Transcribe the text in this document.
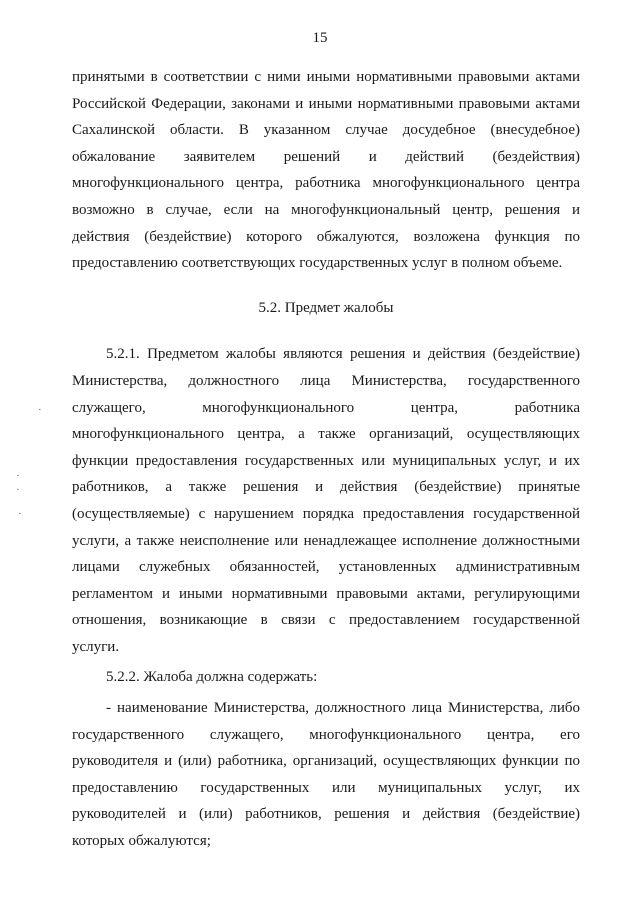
15

принятыми в соответствии с ними иными нормативными правовыми актами
Российской Федерации, законами и иными нормативными правовыми актами
Сахалинской области. В указанном случае досудебное (внесудебное)
обжалование заявителем решений и действий (бездействия)
многофункционального центра, работника многофункционального центра
возможно в случае, если на многофункциональный центр, решения и
действия (бездействие) которого обжалуются, возложена функция по
предоставлению соответствующих государственных услуг в полном объеме.

5.2. Предмет жалобы

5.2.1. Предметом жалобы являются решения и действия (бездействие)
Министерства, должностного лица Министерства, государственного
служащего, многофункционального центра, работника
многофункционального центра, а также организаций, осуществляющих
функции предоставления государственных или муниципальных услуг, и их
работников, а также решения и действия (бездействие) принятые
(осуществляемые) с нарушением порядка предоставления государственной
услуги, а также неисполнение или ненадлежащее исполнение должностными
лицами служебных обязанностей, установленных административным
регламентом и иными нормативными правовыми актами, регулирующими
отношения, возникающие в связи с предоставлением государственной
услуги.

5.2.2. Жалоба должна содержать:

- наименование Министерства, должностного лица Министерства, либо
государственного служащего, многофункционального центра, его
руководителя и (или) работника, организаций, осуществляющих функции по
предоставлению государственных или муниципальных услуг, их
руководителей и (или) работников, решения и действия (бездействие)
которых обжалуются;

·
·
·
·
